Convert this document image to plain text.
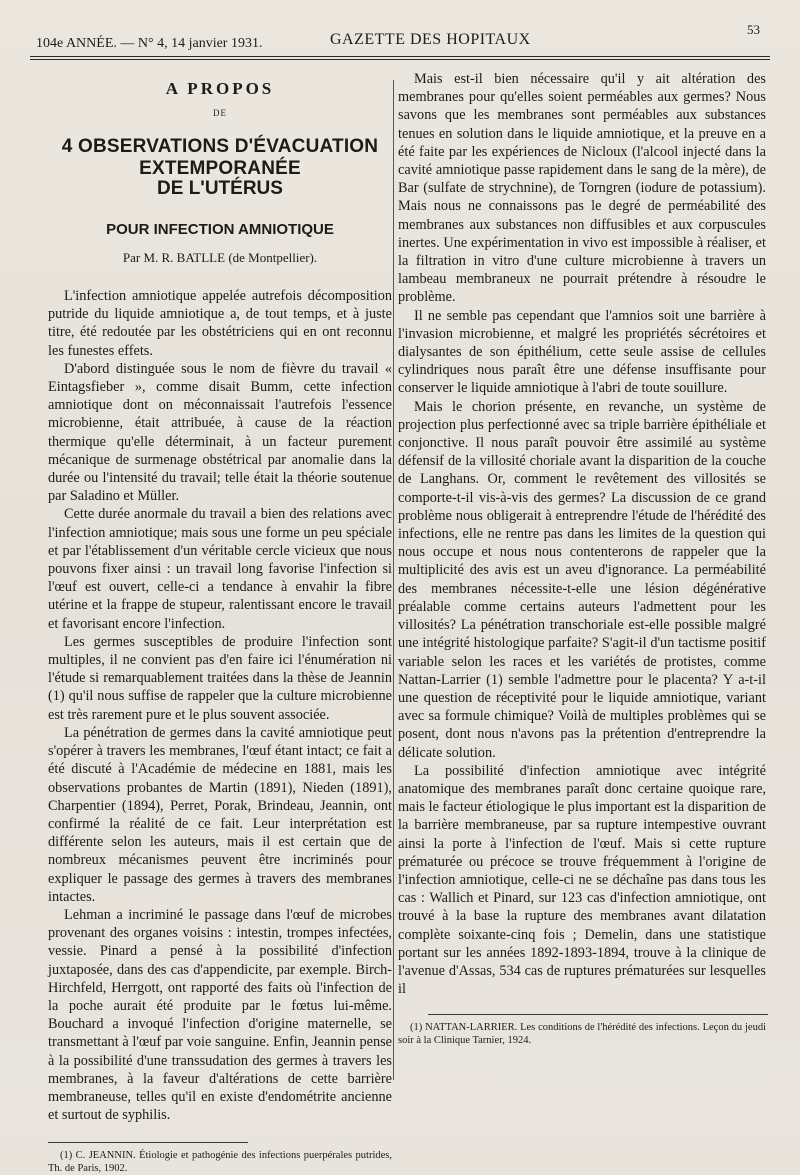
104e ANNÉE. — N° 4, 14 janvier 1931.	GAZETTE DES HOPITAUX
53
A PROPOS
DE
4 OBSERVATIONS D'ÉVACUATION EXTEMPORANÉE
DE L'UTÉRUS
POUR INFECTION AMNIOTIQUE
Par M. R. BATLLE (de Montpellier).

L'infection amniotique appelée autrefois décomposition putride du liquide amniotique a, de tout temps, et à juste titre, été redoutée par les obstétriciens qui en ont reconnu les funestes effets.

D'abord distinguée sous le nom de fièvre du travail « Eintagsfieber », comme disait Bumm, cette infection amniotique dont on méconnaissait l'autrefois l'essence microbienne, était attribuée, à cause de la réaction thermique qu'elle déterminait, à un facteur purement mécanique de surmenage obstétrical par anomalie dans la durée ou l'intensité du travail; telle était la théorie soutenue par Saladino et Müller.

Cette durée anormale du travail a bien des relations avec l'infection amniotique; mais sous une forme un peu spéciale et par l'établissement d'un véritable cercle vicieux que nous pouvons fixer ainsi : un travail long favorise l'infection si l'œuf est ouvert, celle-ci a tendance à envahir la fibre utérine et la frappe de stupeur, ralentissant encore le travail et favorisant encore l'infection.

Les germes susceptibles de produire l'infection sont multiples, il ne convient pas d'en faire ici l'énumération ni l'étude si remarquablement traitées dans la thèse de Jeannin (1) qu'il nous suffise de rappeler que la culture microbienne est très rarement pure et le plus souvent associée.

La pénétration de germes dans la cavité amniotique peut s'opérer à travers les membranes, l'œuf étant intact; ce fait a été discuté à l'Académie de médecine en 1881, mais les observations probantes de Martin (1891), Nieden (1891), Charpentier (1894), Perret, Porak, Brindeau, Jeannin, ont confirmé la réalité de ce fait. Leur interprétation est différente selon les auteurs, mais il est certain que de nombreux mécanismes peuvent être incriminés pour expliquer le passage des germes à travers des membranes intactes.

Lehman a incriminé le passage dans l'œuf de microbes provenant des organes voisins : intestin, trompes infectées, vessie. Pinard a pensé à la possibilité d'infection juxtaposée, dans des cas d'appendicite, par exemple. Birch-Hirchfeld, Herrgott, ont rapporté des faits où l'infection de la poche aurait été produite par le fœtus lui-même. Bouchard a invoqué l'infection d'origine maternelle, se transmettant à l'œuf par voie sanguine. Enfin, Jeannin pense à la possibilité d'une transsudation des germes à travers les membranes, à la faveur d'altérations de cette barrière membraneuse, telles qu'il en existe d'endométrite ancienne et surtout de syphilis.

(1) C. JEANNIN. Étiologie et pathogénie des infections puerpérales putrides, Th. de Paris, 1902.

Mais est-il bien nécessaire qu'il y ait altération des membranes pour qu'elles soient perméables aux germes? Nous savons que les membranes sont perméables aux substances tenues en solution dans le liquide amniotique, et la preuve en a été faite par les expériences de Nicloux (l'alcool injecté dans la cavité amniotique passe rapidement dans le sang de la mère), de Bar (sulfate de strychnine), de Torngren (iodure de potassium). Mais nous ne connaissons pas le degré de perméabilité des membranes aux substances non diffusibles et aux corpuscules inertes. Une expérimentation in vivo est impossible à réaliser, et la filtration in vitro d'une culture microbienne à travers un lambeau membraneux ne pourrait prétendre à résoudre le problème.

Il ne semble pas cependant que l'amnios soit une barrière à l'invasion microbienne, et malgré les propriétés sécrétoires et dialysantes de son épithélium, cette seule assise de cellules cylindriques nous paraît être une défense insuffisante pour conserver le liquide amniotique à l'abri de toute souillure.

Mais le chorion présente, en revanche, un système de projection plus perfectionné avec sa triple barrière épithéliale et conjonctive. Il nous paraît pouvoir être assimilé au système défensif de la villosité choriale avant la disparition de la couche de Langhans. Or, comment le revêtement des villosités se comporte-t-il vis-à-vis des germes? La discussion de ce grand problème nous obligerait à entreprendre l'étude de l'hérédité des infections, elle ne rentre pas dans les limites de la question qui nous occupe et nous nous contenterons de rappeler que la multiplicité des avis est un aveu d'ignorance. La perméabilité des membranes nécessite-t-elle une lésion dégénérative préalable comme certains auteurs l'admettent pour les villosités? La pénétration transchoriale est-elle possible malgré une intégrité histologique parfaite? S'agit-il d'un tactisme positif variable selon les races et les variétés de protistes, comme Nattan-Larrier (1) semble l'admettre pour le placenta? Y a-t-il une question de réceptivité pour le liquide amniotique, variant avec sa formule chimique? Voilà de multiples problèmes qui se posent, dont nous n'avons pas la prétention d'entreprendre la délicate solution.

La possibilité d'infection amniotique avec intégrité anatomique des membranes paraît donc certaine quoique rare, mais le facteur étiologique le plus important est la disparition de la barrière membraneuse, par sa rupture intempestive ouvrant ainsi la porte à l'infection de l'œuf. Mais si cette rupture prématurée ou précoce se trouve fréquemment à l'origine de l'infection amniotique, celle-ci ne se déchaîne pas dans tous les cas : Wallich et Pinard, sur 123 cas d'infection amniotique, ont trouvé à la base la rupture des membranes avant dilatation complète soixante-cinq fois ; Demelin, dans une statistique portant sur les années 1892-1893-1894, trouve à la clinique de l'avenue d'Assas, 534 cas de ruptures prématurées sur lesquelles il

(1) NATTAN-LARRIER. Les conditions de l'hérédité des infections. Leçon du jeudi soir à la Clinique Tarnier, 1924.
